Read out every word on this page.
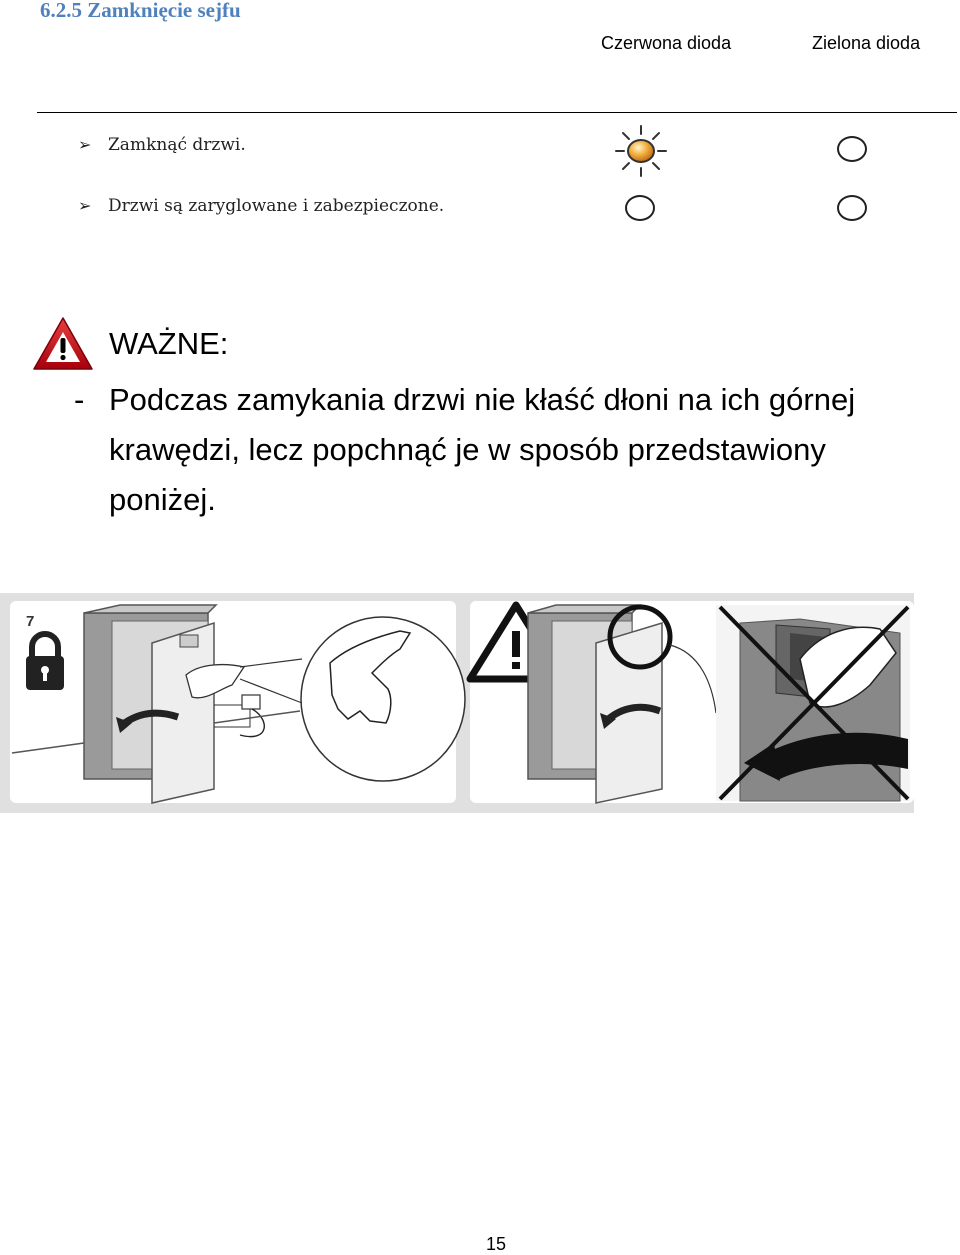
6.2.5 Zamknięcie sejfu
Czerwona dioda	Zielona dioda
➢ Zamknąć drzwi.
➢ Drzwi są zaryglowane i zabezpieczone.
WAŻNE:
- Podczas zamykania drzwi nie kłaść dłoni na ich górnej krawędzi, lecz popchnąć je w sposób przedstawiony poniżej.
7
15
